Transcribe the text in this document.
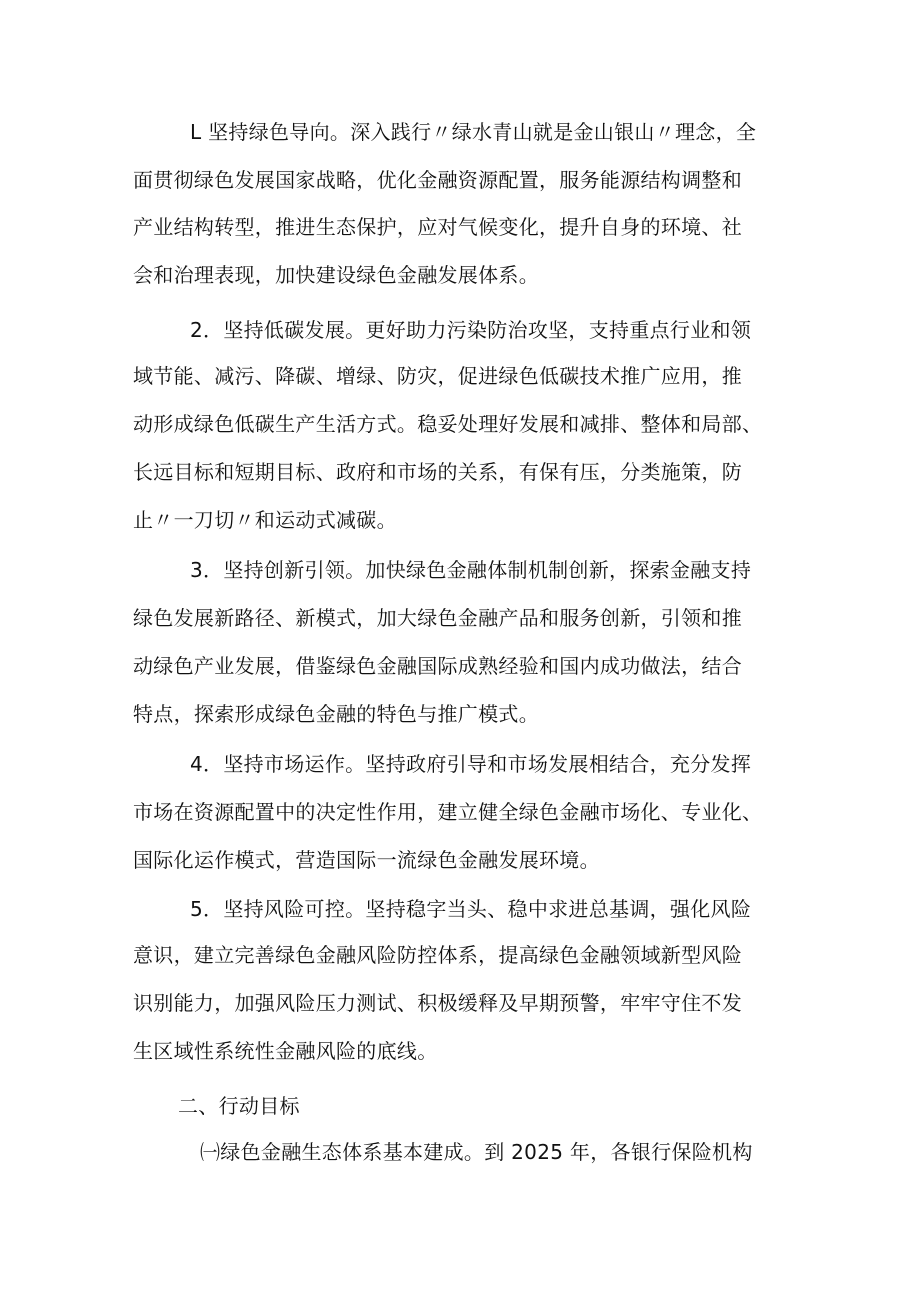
L 坚持绿色导向。深入践行〃绿水青山就是金山银山〃理念，全
面贯彻绿色发展国家战略，优化金融资源配置，服务能源结构调整和
产业结构转型，推进生态保护，应对气候变化，提升自身的环境、社
会和治理表现，加快建设绿色金融发展体系。
2．坚持低碳发展。更好助力污染防治攻坚，支持重点行业和领
域节能、减污、降碳、增绿、防灾，促进绿色低碳技术推广应用，推
动形成绿色低碳生产生活方式。稳妥处理好发展和减排、整体和局部、
长远目标和短期目标、政府和市场的关系，有保有压，分类施策，防
止〃一刀切〃和运动式减碳。
3．坚持创新引领。加快绿色金融体制机制创新，探索金融支持
绿色发展新路径、新模式，加大绿色金融产品和服务创新，引领和推
动绿色产业发展，借鉴绿色金融国际成熟经验和国内成功做法，结合
特点，探索形成绿色金融的特色与推广模式。
4．坚持市场运作。坚持政府引导和市场发展相结合，充分发挥
市场在资源配置中的决定性作用，建立健全绿色金融市场化、专业化、
国际化运作模式，营造国际一流绿色金融发展环境。
5．坚持风险可控。坚持稳字当头、稳中求进总基调，强化风险
意识，建立完善绿色金融风险防控体系，提高绿色金融领域新型风险
识别能力，加强风险压力测试、积极缓释及早期预警，牢牢守住不发
生区域性系统性金融风险的底线。
二、行动目标
㈠绿色金融生态体系基本建成。到 2025 年，各银行保险机构
